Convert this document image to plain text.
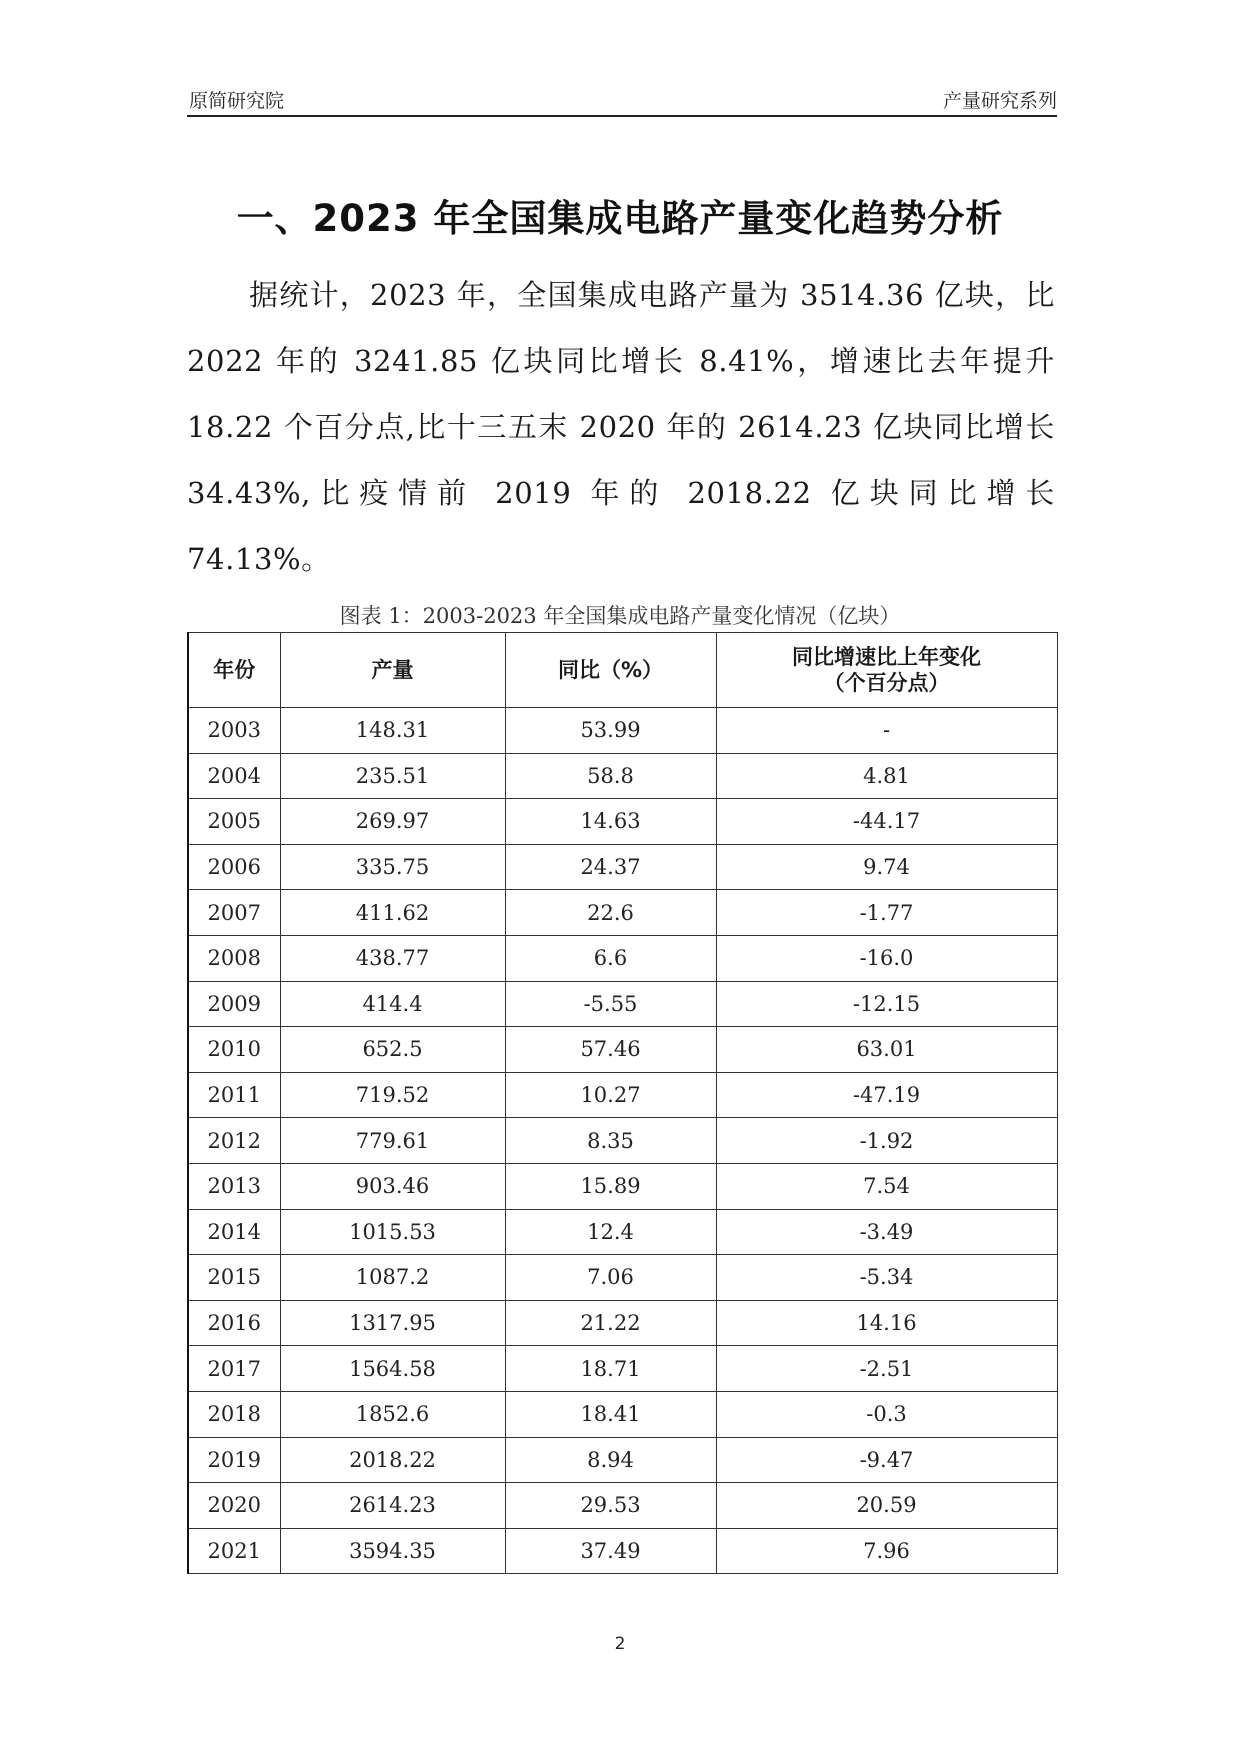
原简研究院	产量研究系列
一、2023 年全国集成电路产量变化趋势分析

据统计，2023 年，全国集成电路产量为 3514.36 亿块，比 2022 年的 3241.85 亿块同比增长 8.41%，增速比去年提升 18.22 个百分点,比十三五末 2020 年的 2614.23 亿块同比增长 34.43%,比疫情前 2019 年的 2018.22 亿块同比增长 74.13%。

图表 1：2003-2023 年全国集成电路产量变化情况（亿块）
年份	产量	同比（%）	同比增速比上年变化
（个百分点）

2003	148.31	53.99	-
2004	235.51	58.8	4.81
2005	269.97	14.63	-44.17
2006	335.75	24.37	9.74
2007	411.62	22.6	-1.77
2008	438.77	6.6	-16.0
2009	414.4	-5.55	-12.15
2010	652.5	57.46	63.01
2011	719.52	10.27	-47.19
2012	779.61	8.35	-1.92
2013	903.46	15.89	7.54
2014	1015.53	12.4	-3.49
2015	1087.2	7.06	-5.34
2016	1317.95	21.22	14.16
2017	1564.58	18.71	-2.51
2018	1852.6	18.41	-0.3
2019	2018.22	8.94	-9.47
2020	2614.23	29.53	20.59
2021	3594.35	37.49	7.96
2
